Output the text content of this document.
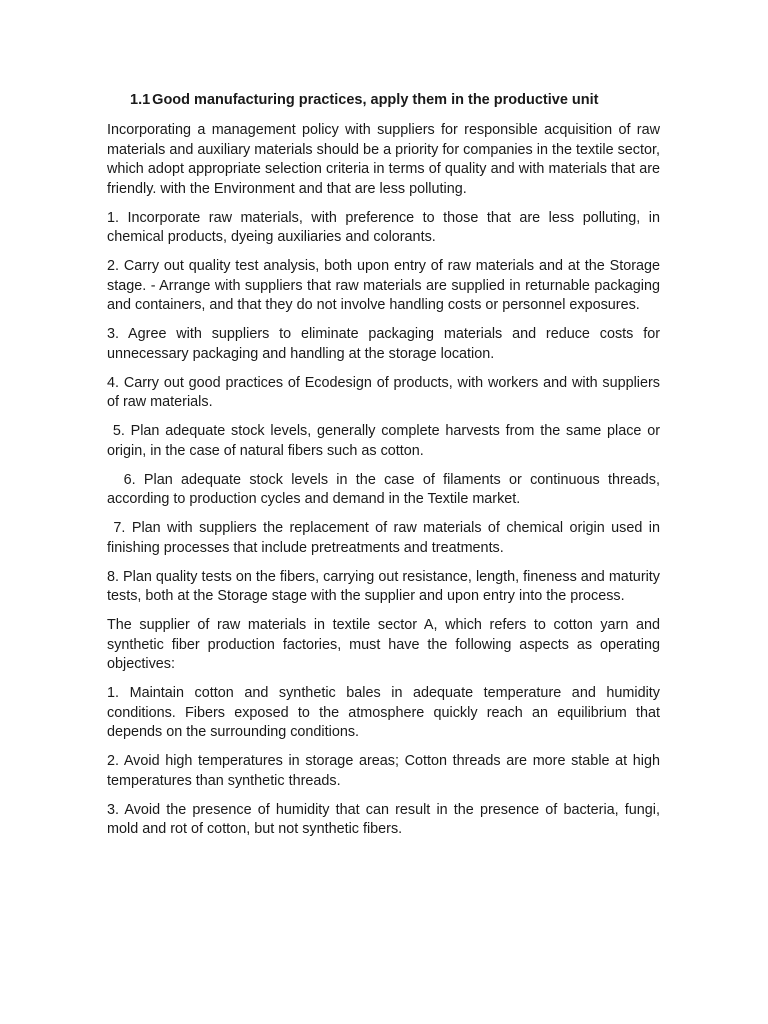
1.1 Good manufacturing practices, apply them in the productive unit

Incorporating a management policy with suppliers for responsible acquisition of raw materials and auxiliary materials should be a priority for companies in the textile sector, which adopt appropriate selection criteria in terms of quality and with materials that are friendly. with the Environment and that are less polluting.

1. Incorporate raw materials, with preference to those that are less polluting, in chemical products, dyeing auxiliaries and colorants.

2. Carry out quality test analysis, both upon entry of raw materials and at the Storage stage. - Arrange with suppliers that raw materials are supplied in returnable packaging and containers, and that they do not involve handling costs or personnel exposures.

3. Agree with suppliers to eliminate packaging materials and reduce costs for unnecessary packaging and handling at the storage location.

4. Carry out good practices of Ecodesign of products, with workers and with suppliers of raw materials.

5. Plan adequate stock levels, generally complete harvests from the same place or origin, in the case of natural fibers such as cotton.

6. Plan adequate stock levels in the case of filaments or continuous threads, according to production cycles and demand in the Textile market.

7. Plan with suppliers the replacement of raw materials of chemical origin used in finishing processes that include pretreatments and treatments.

8. Plan quality tests on the fibers, carrying out resistance, length, fineness and maturity tests, both at the Storage stage with the supplier and upon entry into the process.

The supplier of raw materials in textile sector A, which refers to cotton yarn and synthetic fiber production factories, must have the following aspects as operating objectives:

1. Maintain cotton and synthetic bales in adequate temperature and humidity conditions. Fibers exposed to the atmosphere quickly reach an equilibrium that depends on the surrounding conditions.

2. Avoid high temperatures in storage areas; Cotton threads are more stable at high temperatures than synthetic threads.

3. Avoid the presence of humidity that can result in the presence of bacteria, fungi, mold and rot of cotton, but not synthetic fibers.
